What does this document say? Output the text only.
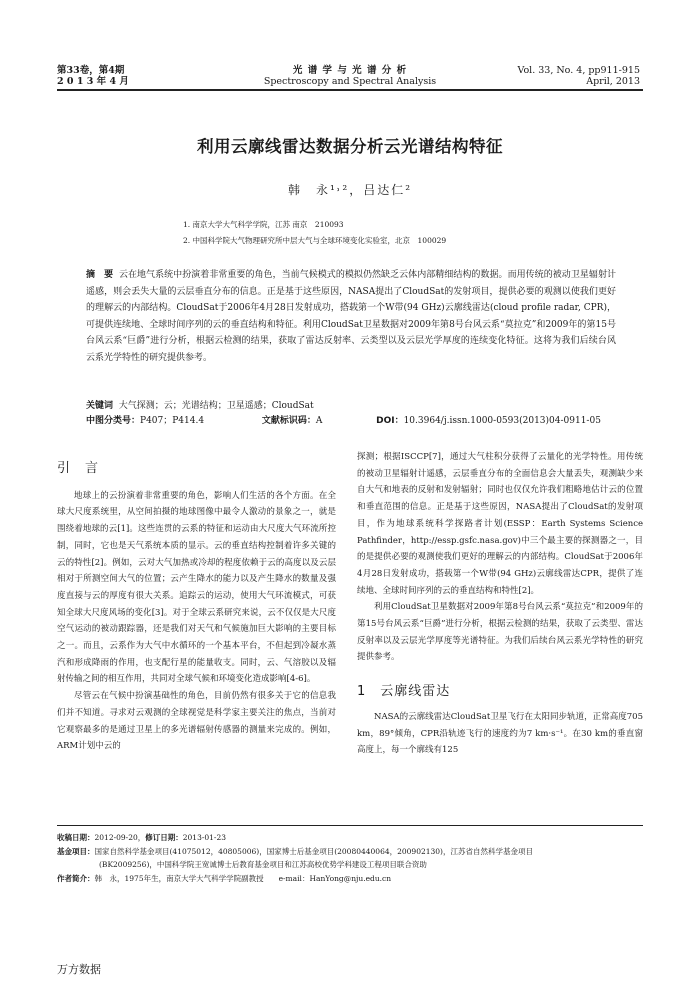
第33卷，第4期
2 0 1 3 年 4 月
光 谱 学 与 光 谱 分 析
Spectroscopy and Spectral Analysis
Vol. 33, No. 4, pp911-915
April, 2013
利用云廓线雷达数据分析云光谱结构特征
韩　永¹˒²，吕达仁²
1. 南京大学大气科学学院，江苏 南京　210093
2. 中国科学院大气物理研究所中层大气与全球环境变化实验室，北京　100029
摘　要 云在地气系统中扮演着非常重要的角色，当前气候模式的模拟仍然缺乏云体内部精细结构的数据。而用传统的被动卫星辐射计遥感，则会丢失大量的云层垂直分布的信息。正是基于这些原因，NASA提出了CloudSat的发射项目，提供必要的观测以使我们更好的理解云的内部结构。CloudSat于2006年4月28日发射成功，搭载第一个W带(94 GHz)云廓线雷达(cloud profile radar, CPR)，可提供连续地、全球时间序列的云的垂直结构和特征。利用CloudSat卫星数据对2009年第8号台风云系“莫拉克”和2009年的第15号台风云系“巨爵”进行分析，根据云检测的结果，获取了雷达反射率、云类型以及云层光学厚度的连续变化特征。这将为我们后续台风云系光学特性的研究提供参考。
关键词 大气探测；云；光谱结构；卫星遥感；CloudSat
中图分类号：P407；P414.4	文献标识码：A	DOI：10.3964/j.issn.1000-0593(2013)04-0911-05
引　言

地球上的云扮演着非常重要的角色，影响人们生活的各个方面。在全球大尺度系统里，从空间拍摄的地球图像中最令人激动的景象之一，就是围绕着地球的云[1]。这些连贯的云系的特征和运动由大尺度大气环流所控制，同时，它也是天气系统本质的显示。云的垂直结构控制着许多关键的云的特性[2]。例如，云对大气加热或冷却的程度依赖于云的高度以及云层相对于所测空间大气的位置；云产生降水的能力以及产生降水的数量及强度直接与云的厚度有很大关系。追踪云的运动，使用大气环流模式，可获知全球大尺度风场的变化[3]。对于全球云系研究来说，云不仅仅是大尺度空气运动的被动跟踪器，还是我们对天气和气候施加巨大影响的主要目标之一。而且，云系作为大气中水循环的一个基本平台，不但起到冷凝水蒸汽和形成降雨的作用，也支配行星的能量收支。同时，云、气溶胶以及辐射传输之间的相互作用，共同对全球气候和环境变化造成影响[4-6]。

尽管云在气候中扮演基础性的角色，目前仍然有很多关于它的信息我们并不知道。寻求对云观测的全球视觉是科学家主要关注的焦点，当前对它观察最多的是通过卫星上的多光谱辐射传感器的测量来完成的。例如，ARM计划中云的

探测；根据ISCCP[7]，通过大气柱积分获得了云量化的光学特性。用传统的被动卫星辐射计遥感，云层垂直分布的全面信息会大量丢失，观测缺少来自大气和地表的反射和发射辐射；同时也仅仅允许我们粗略地估计云的位置和垂直范围的信息。正是基于这些原因，NASA提出了CloudSat的发射项目，作为地球系统科学探路者计划(ESSP：Earth Systems Science Pathfinder，http://essp.gsfc.nasa.gov)中三个最主要的探测器之一，目的是提供必要的观测使我们更好的理解云的内部结构。CloudSat于2006年4月28日发射成功，搭载第一个W带(94 GHz)云廓线雷达CPR，提供了连续地、全球时间序列的云的垂直结构和特性[2]。

利用CloudSat卫星数据对2009年第8号台风云系“莫拉克”和2009年的第15号台风云系“巨爵”进行分析，根据云检测的结果，获取了云类型、雷达反射率以及云层光学厚度等光谱特征。为我们后续台风云系光学特性的研究提供参考。

1　云廓线雷达

NASA的云廓线雷达CloudSat卫星飞行在太阳同步轨道，正常高度705 km，89°倾角，CPR沿轨迹飞行的速度约为7 km·s⁻¹。在30 km的垂直窗高度上，每一个廓线有125

收稿日期：2012-09-20，修订日期：2013-01-23
基金项目：国家自然科学基金项目(41075012，40805006)，国家博士后基金项目(20080440064，200902130)，江苏省自然科学基金项目
(BK2009256)，中国科学院王宽诚博士后教育基金项目和江苏高校优势学科建设工程项目联合资助
作者简介：韩　永，1975年生，南京大学大气科学学院副教授　　e-mail：HanYong@nju.edu.cn
万方数据
